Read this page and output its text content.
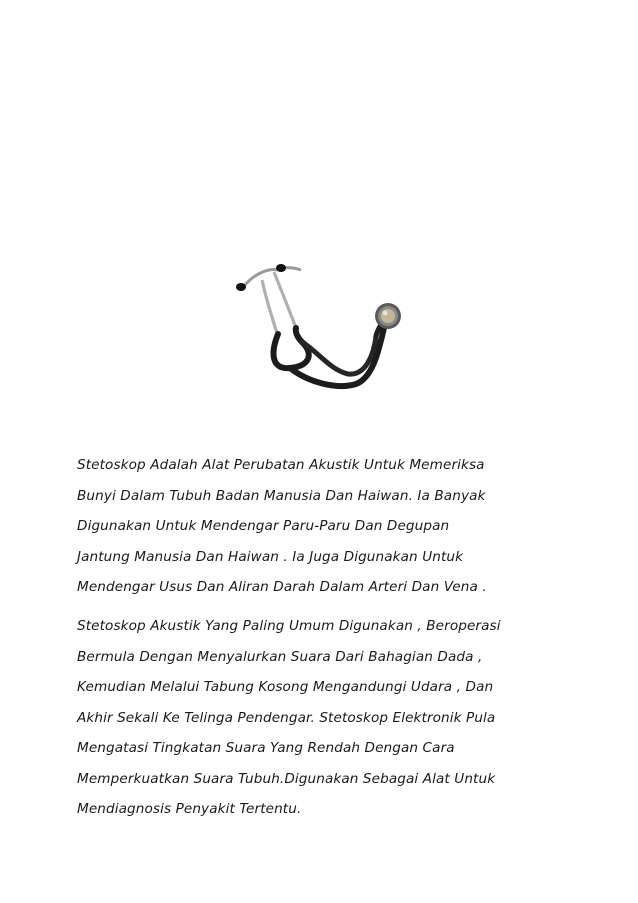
Stetoskop Adalah Alat Perubatan Akustik Untuk Memeriksa
Bunyi Dalam Tubuh Badan Manusia Dan Haiwan. Ia Banyak
Digunakan Untuk Mendengar Paru-Paru Dan Degupan
Jantung Manusia Dan Haiwan . Ia Juga Digunakan Untuk
Mendengar Usus Dan Aliran Darah Dalam Arteri Dan Vena .
Stetoskop Akustik Yang Paling Umum Digunakan , Beroperasi
Bermula Dengan Menyalurkan Suara Dari Bahagian Dada ,
Kemudian Melalui Tabung Kosong Mengandungi Udara , Dan
Akhir Sekali Ke Telinga Pendengar. Stetoskop Elektronik Pula
Mengatasi Tingkatan Suara Yang Rendah Dengan Cara
Memperkuatkan Suara Tubuh.Digunakan Sebagai Alat Untuk
Mendiagnosis Penyakit Tertentu.
